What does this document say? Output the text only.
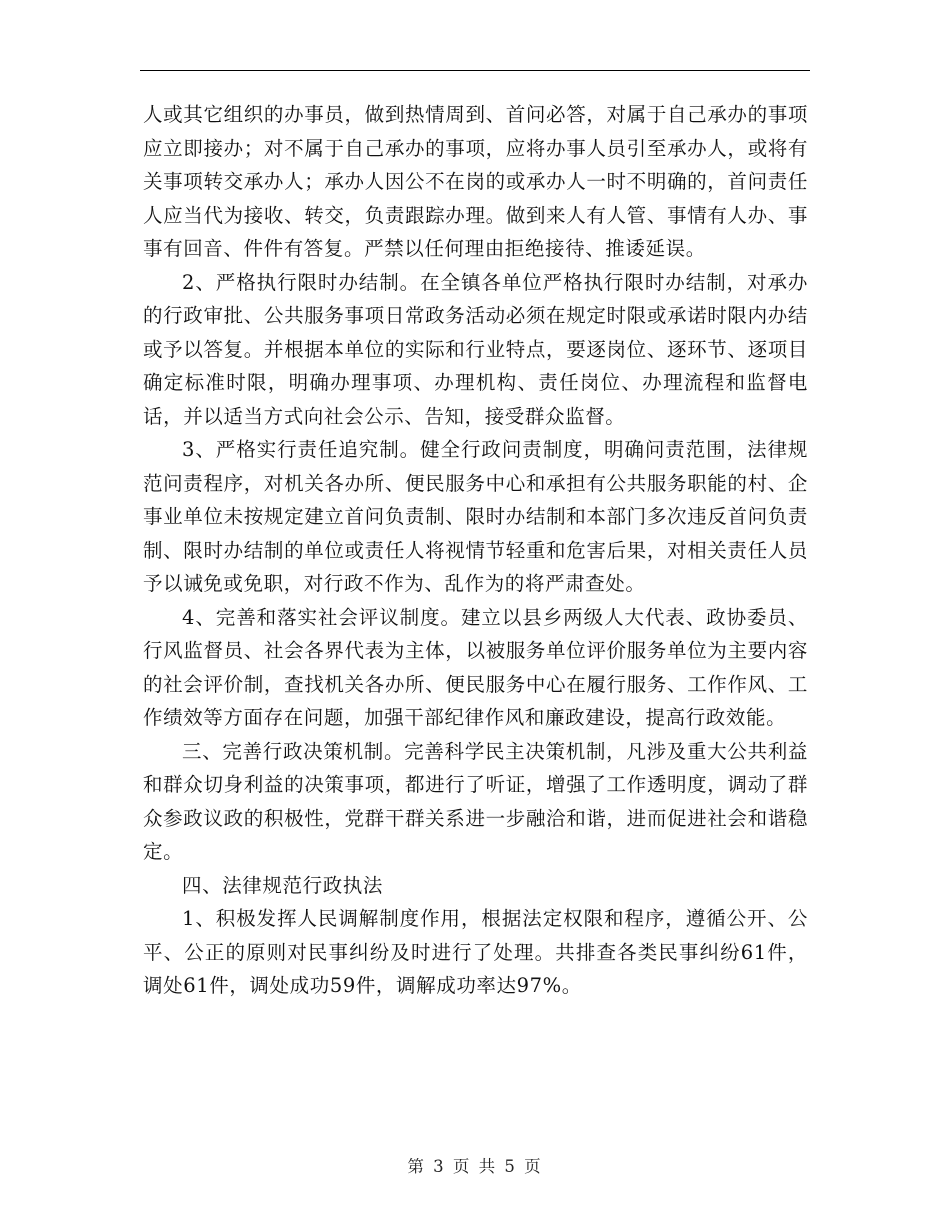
人或其它组织的办事员，做到热情周到、首问必答，对属于自己承办的事项应立即接办；对不属于自己承办的事项，应将办事人员引至承办人，或将有关事项转交承办人；承办人因公不在岗的或承办人一时不明确的，首问责任人应当代为接收、转交，负责跟踪办理。做到来人有人管、事情有人办、事事有回音、件件有答复。严禁以任何理由拒绝接待、推诿延误。

2、严格执行限时办结制。在全镇各单位严格执行限时办结制，对承办的行政审批、公共服务事项日常政务活动必须在规定时限或承诺时限内办结或予以答复。并根据本单位的实际和行业特点，要逐岗位、逐环节、逐项目确定标准时限，明确办理事项、办理机构、责任岗位、办理流程和监督电话，并以适当方式向社会公示、告知，接受群众监督。

3、严格实行责任追究制。健全行政问责制度，明确问责范围，法律规范问责程序，对机关各办所、便民服务中心和承担有公共服务职能的村、企事业单位未按规定建立首问负责制、限时办结制和本部门多次违反首问负责制、限时办结制的单位或责任人将视情节轻重和危害后果，对相关责任人员予以诫免或免职，对行政不作为、乱作为的将严肃查处。

4、完善和落实社会评议制度。建立以县乡两级人大代表、政协委员、行风监督员、社会各界代表为主体，以被服务单位评价服务单位为主要内容的社会评价制，查找机关各办所、便民服务中心在履行服务、工作作风、工作绩效等方面存在问题，加强干部纪律作风和廉政建设，提高行政效能。

三、完善行政决策机制。完善科学民主决策机制，凡涉及重大公共利益和群众切身利益的决策事项，都进行了听证，增强了工作透明度，调动了群众参政议政的积极性，党群干群关系进一步融洽和谐，进而促进社会和谐稳定。

四、法律规范行政执法

1、积极发挥人民调解制度作用，根据法定权限和程序，遵循公开、公平、公正的原则对民事纠纷及时进行了处理。共排查各类民事纠纷61件，调处61件，调处成功59件，调解成功率达97%。

第 3 页 共 5 页
